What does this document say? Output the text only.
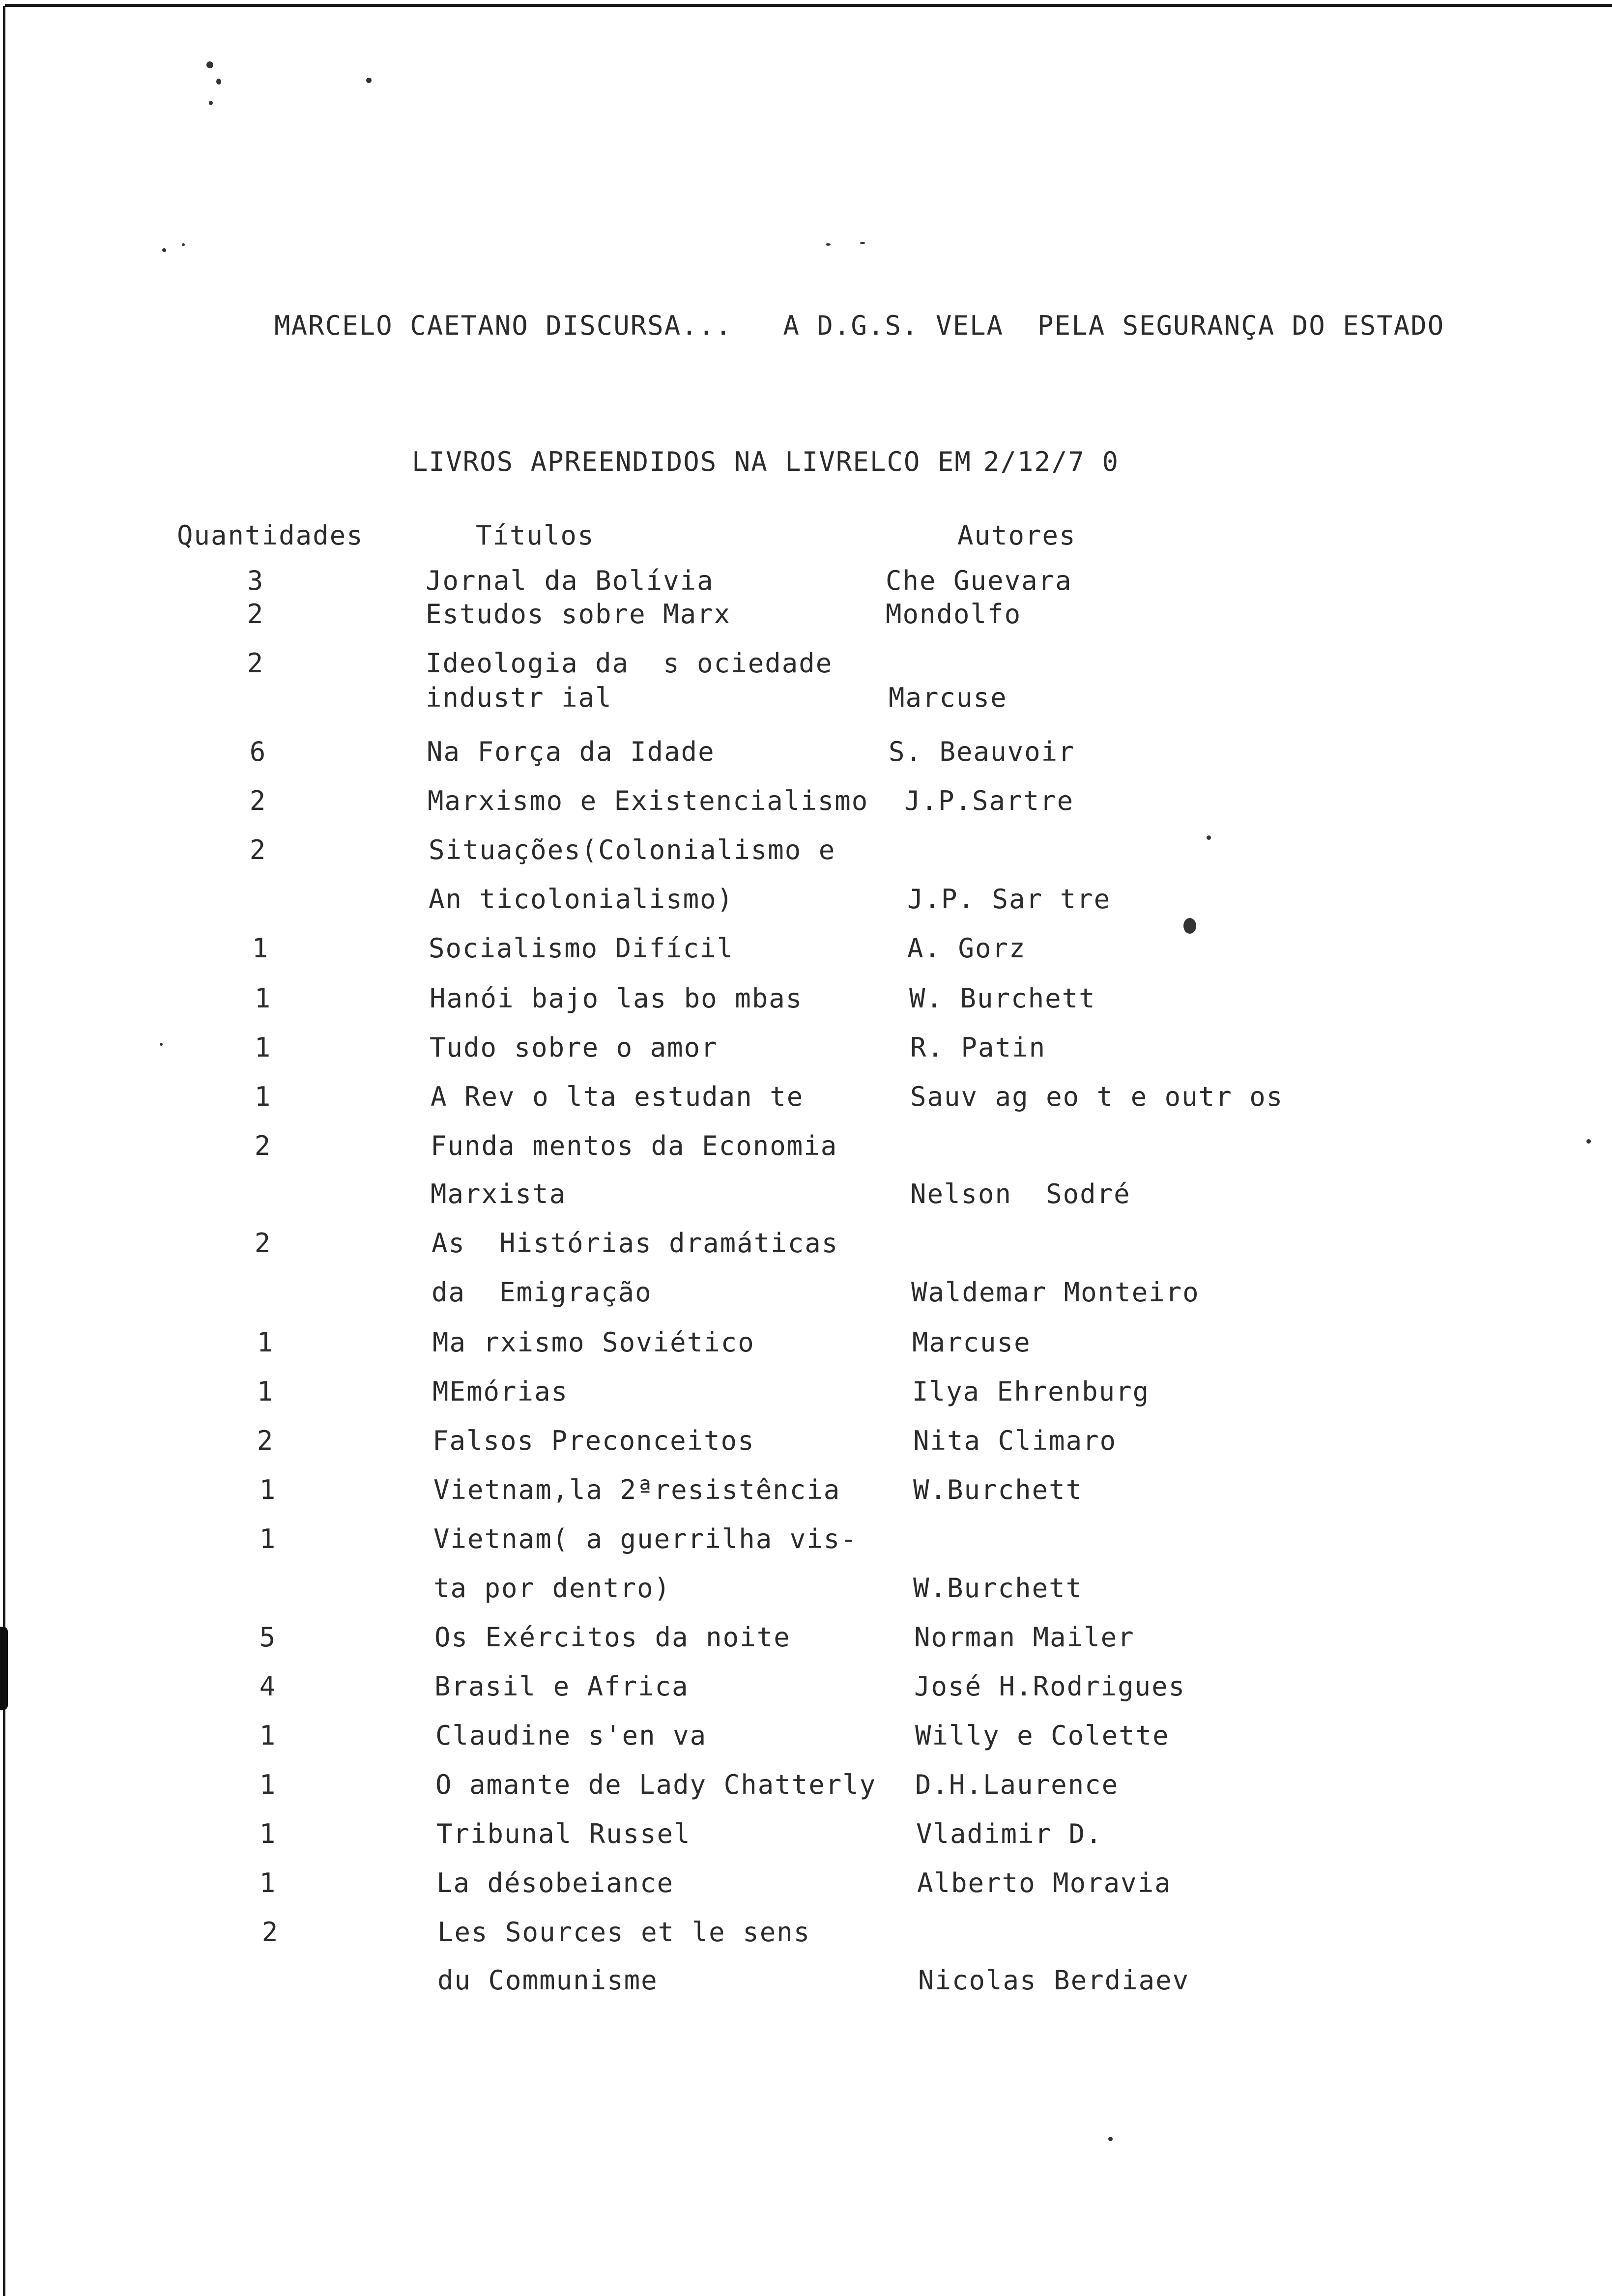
MARCELO CAETANO DISCURSA... A D.G.S. VELA  PELA SEGURANÇA DO ESTADO

LIVROS APREENDIDOS NA LIVRELCO EM 2/12/7 0

Quantidades	Títulos	Autores
3	Jornal da Bolívia	Che Guevara
2	Estudos sobre Marx	Mondolfo
2	Ideologia da  s ociedade
industr ial	Marcuse
6	Na Força da Idade	S. Beauvoir
2	Marxismo e Existencialismo J.P.Sartre
2	Situações(Colonialismo e
An ticolonialismo)	J.P. Sar tre
1	Socialismo Difícil	A. Gorz
1	Hanói bajo las bo mbas	W. Burchett
1	Tudo sobre o amor	R. Patin
1	A Rev o lta estudan te	Sauv ag eo t e outr os
2	Funda mentos da Economia
Marxista	Nelson  Sodré
2	As  Histórias dramáticas
da  Emigração	Waldemar Monteiro
1	Ma rxismo Soviético	Marcuse
1	MEmórias	Ilya Ehrenburg
2	Falsos Preconceitos	Nita Climaro
1	Vietnam,la 2ªresistência	W.Burchett
1	Vietnam( a guerrilha vis-
ta por dentro)	W.Burchett
5	Os Exércitos da noite	Norman Mailer
4	Brasil e Africa	José H.Rodrigues
1	Claudine s'en va	Willy e Colette
1	O amante de Lady Chatterly D.H.Laurence
1	Tribunal Russel	Vladimir D.
1	La désobeiance	Alberto Moravia
2	Les Sources et le sens
du Communisme	Nicolas Berdiaev
